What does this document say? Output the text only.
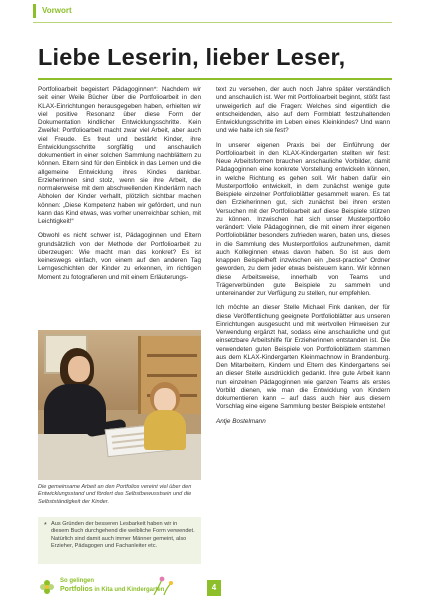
Vorwort
Liebe Leserin, lieber Leser,

Portfolioarbeit begeistert Pädagoginnen*: Nachdem wir seit einer Weile Bücher über die Portfolioarbeit in den KLAX-Einrichtungen herausgegeben haben, erhielten wir viel positive Resonanz über diese Form der Dokumentation kindlicher Entwicklungsschritte. Kein Zweifel: Portfolioarbeit macht zwar viel Arbeit, aber auch viel Freude. Es freut und bestärkt Kinder, ihre Entwicklungsschritte sorgfältig und anschaulich dokumentiert in einer solchen Sammlung nachblättern zu können. Eltern sind für den Einblick in das Lernen und die allgemeine Entwicklung ihres Kindes dankbar. Erzieherinnen sind stolz, wenn sie ihre Arbeit, die normalerweise mit dem abschwellenden Kinderlärm nach Abholen der Kinder verhallt, plötzlich sichtbar machen können: „Diese Kompetenz haben wir gefördert, und nun kann das Kind etwas, was vorher unerreichbar schien, mit Leichtigkeit!“

Obwohl es nicht schwer ist, Pädagoginnen und Eltern grundsätzlich von der Methode der Portfolioarbeit zu überzeugen: Wie macht man das konkret? Es ist keineswegs einfach, von einem auf den anderen Tag Lerngeschichten der Kinder zu erkennen, im richtigen Moment zu fotografieren und mit einem Erläuterungs-

Die gemeinsame Arbeit an den Portfolios vereint viel über den Entwicklungsstand und fördert das Selbstbewusstsein und die Selbstständigkeit der Kinder.
* Aus Gründen der besseren Lesbarkeit haben wir in diesem Buch durchgehend die weibliche Form verwendet. Natürlich sind damit auch immer Männer gemeint, also Erzieher, Pädagogen und Fachanleiter etc.

text zu versehen, der auch noch Jahre später verständlich und anschaulich ist. Wer mit Portfolioarbeit beginnt, stößt fast unweigerlich auf die Fragen: Welches sind eigentlich die entscheidenden, also auf dem Formblatt festzuhaltenden Entwicklungsschritte im Leben eines Kleinkindes? Und wann und wie halte ich sie fest?

In unserer eigenen Praxis bei der Einführung der Portfolioarbeit in den KLAX-Kindergarten stellten wir fest: Neue Arbeitsformen brauchen anschauliche Vorbilder, damit Pädagoginnen eine konkrete Vorstellung entwickeln können, in welche Richtung es gehen soll. Wir haben dafür ein Musterportfolio entwickelt, in dem zunächst wenige gute Beispiele einzelner Portfolioblätter gesammelt waren. Es tat den Erzieherinnen gut, sich zunächst bei ihren ersten Versuchen mit der Portfolioarbeit auf diese Beispiele stützen zu können. Inzwischen hat sich unser Musterportfolio verändert: Viele Pädagoginnen, die mit einem ihrer eigenen Portfolioblätter besonders zufrieden waren, baten uns, dieses in die Sammlung des Musterportfolios aufzunehmen, damit auch Kolleginnen etwas davon haben. So ist aus dem knappen Beispielheft inzwischen ein „best-practice“ Ordner geworden, zu dem jeder etwas beisteuern kann. Wir können diese Arbeitsweise, innerhalb von Teams und Trägerverbünden gute Beispiele zu sammeln und untereinander zur Verfügung zu stellen, nur empfehlen.

Ich möchte an dieser Stelle Michael Fink danken, der für diese Veröffentlichung geeignete Portfolioblätter aus unseren Einrichtungen ausgesucht und mit wertvollen Hinweisen zur Verwendung ergänzt hat, sodass eine anschauliche und gut einsetzbare Arbeitshilfe für Erzieherinnen entstanden ist. Die verwendeten guten Beispiele von Portfolioblättern stammen aus dem KLAX-Kindergarten Kleinmachnow in Brandenburg. Den Mitarbeitern, Kindern und Eltern des Kindergartens sei an dieser Stelle ausdrücklich gedankt. Ihre gute Arbeit kann nun einzelnen Pädagoginnen wie ganzen Teams als erstes Vorbild dienen, wie man die Entwicklung von Kindern dokumentieren kann – auf dass auch hier aus diesem Vorschlag eine eigene Sammlung bester Beispiele entstehe!

Antje Bostelmann

So gelingen
Portfolios in Kita und Kindergarten	4
